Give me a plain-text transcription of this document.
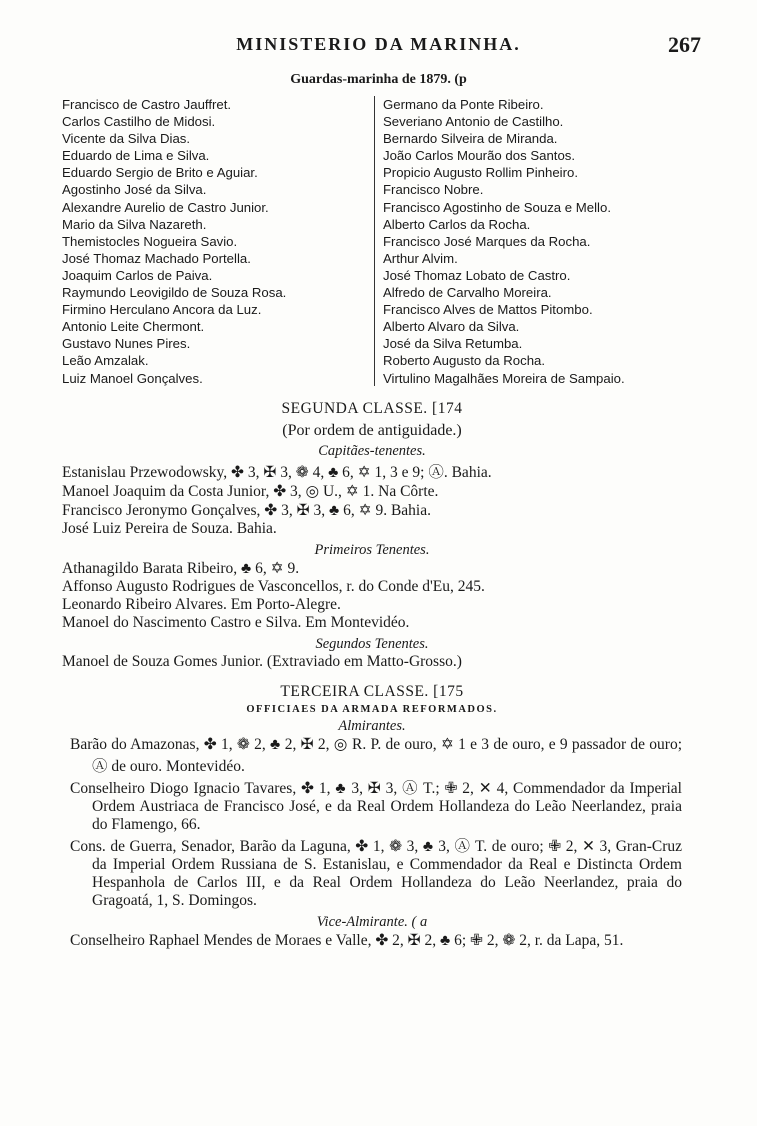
MINISTERIO DA MARINHA.	267
Guardas-marinha de 1879. (p
Francisco de Castro Jauffret.
Carlos Castilho de Midosi.
Vicente da Silva Dias.
Eduardo de Lima e Silva.
Eduardo Sergio de Brito e Aguiar.
Agostinho José da Silva.
Alexandre Aurelio de Castro Junior.
Mario da Silva Nazareth.
Themistocles Nogueira Savio.
José Thomaz Machado Portella.
Joaquim Carlos de Paiva.
Raymundo Leovigildo de Souza Rosa.
Firmino Herculano Ancora da Luz.
Antonio Leite Chermont.
Gustavo Nunes Pires.
Leão Amzalak.
Luiz Manoel Gonçalves.
Germano da Ponte Ribeiro.
Severiano Antonio de Castilho.
Bernardo Silveira de Miranda.
João Carlos Mourão dos Santos.
Propicio Augusto Rollim Pinheiro.
Francisco Nobre.
Francisco Agostinho de Souza e Mello.
Alberto Carlos da Rocha.
Francisco José Marques da Rocha.
Arthur Alvim.
José Thomaz Lobato de Castro.
Alfredo de Carvalho Moreira.
Francisco Alves de Mattos Pitombo.
Alberto Alvaro da Silva.
José da Silva Retumba.
Roberto Augusto da Rocha.
Virtulino Magalhães Moreira de Sampaio.
SEGUNDA CLASSE. [174
(Por ordem de antiguidade.)
Capitães-tenentes.
Estanislau Przewodowsky, ✤ 3, ✠ 3, ❁ 4, ♣ 6, ✡ 1, 3 e 9; Ⓐ. Bahia.
Manoel Joaquim da Costa Junior, ✤ 3, ◎ U., ✡ 1. Na Côrte.
Francisco Jeronymo Gonçalves, ✤ 3, ✠ 3, ♣ 6, ✡ 9. Bahia.
José Luiz Pereira de Souza. Bahia.
Primeiros Tenentes.
Athanagildo Barata Ribeiro, ♣ 6, ✡ 9.
Affonso Augusto Rodrigues de Vasconcellos, r. do Conde d'Eu, 245.
Leonardo Ribeiro Alvares. Em Porto-Alegre.
Manoel do Nascimento Castro e Silva. Em Montevidéo.
Segundos Tenentes.
Manoel de Souza Gomes Junior. (Extraviado em Matto-Grosso.)
TERCEIRA CLASSE. [175
OFFICIAES DA ARMADA REFORMADOS.
Almirantes.
Barão do Amazonas, ✤ 1, ❁ 2, ♣ 2, ✠ 2, ◎ R. P. de ouro, ✡ 1 e 3 de ouro, e 9 passador de ouro; Ⓐ de ouro. Montevidéo.
Conselheiro Diogo Ignacio Tavares, ✤ 1, ♣ 3, ✠ 3, Ⓐ T.; ✙ 2, ✕ 4, Commendador da Imperial Ordem Austriaca de Francisco José, e da Real Ordem Hollandeza do Leão Neerlandez, praia do Flamengo, 66.
Cons. de Guerra, Senador, Barão da Laguna, ✤ 1, ❁ 3, ♣ 3, Ⓐ T. de ouro; ✙ 2, ✕ 3, Gran-Cruz da Imperial Ordem Russiana de S. Estanislau, e Commendador da Real e Distincta Ordem Hespanhola de Carlos III, e da Real Ordem Hollandeza do Leão Neerlandez, praia do Gragoatá, 1, S. Domingos.
Vice-Almirante. ( a
Conselheiro Raphael Mendes de Moraes e Valle, ✤ 2, ✠ 2, ♣ 6; ✙ 2, ❁ 2, r. da Lapa, 51.
